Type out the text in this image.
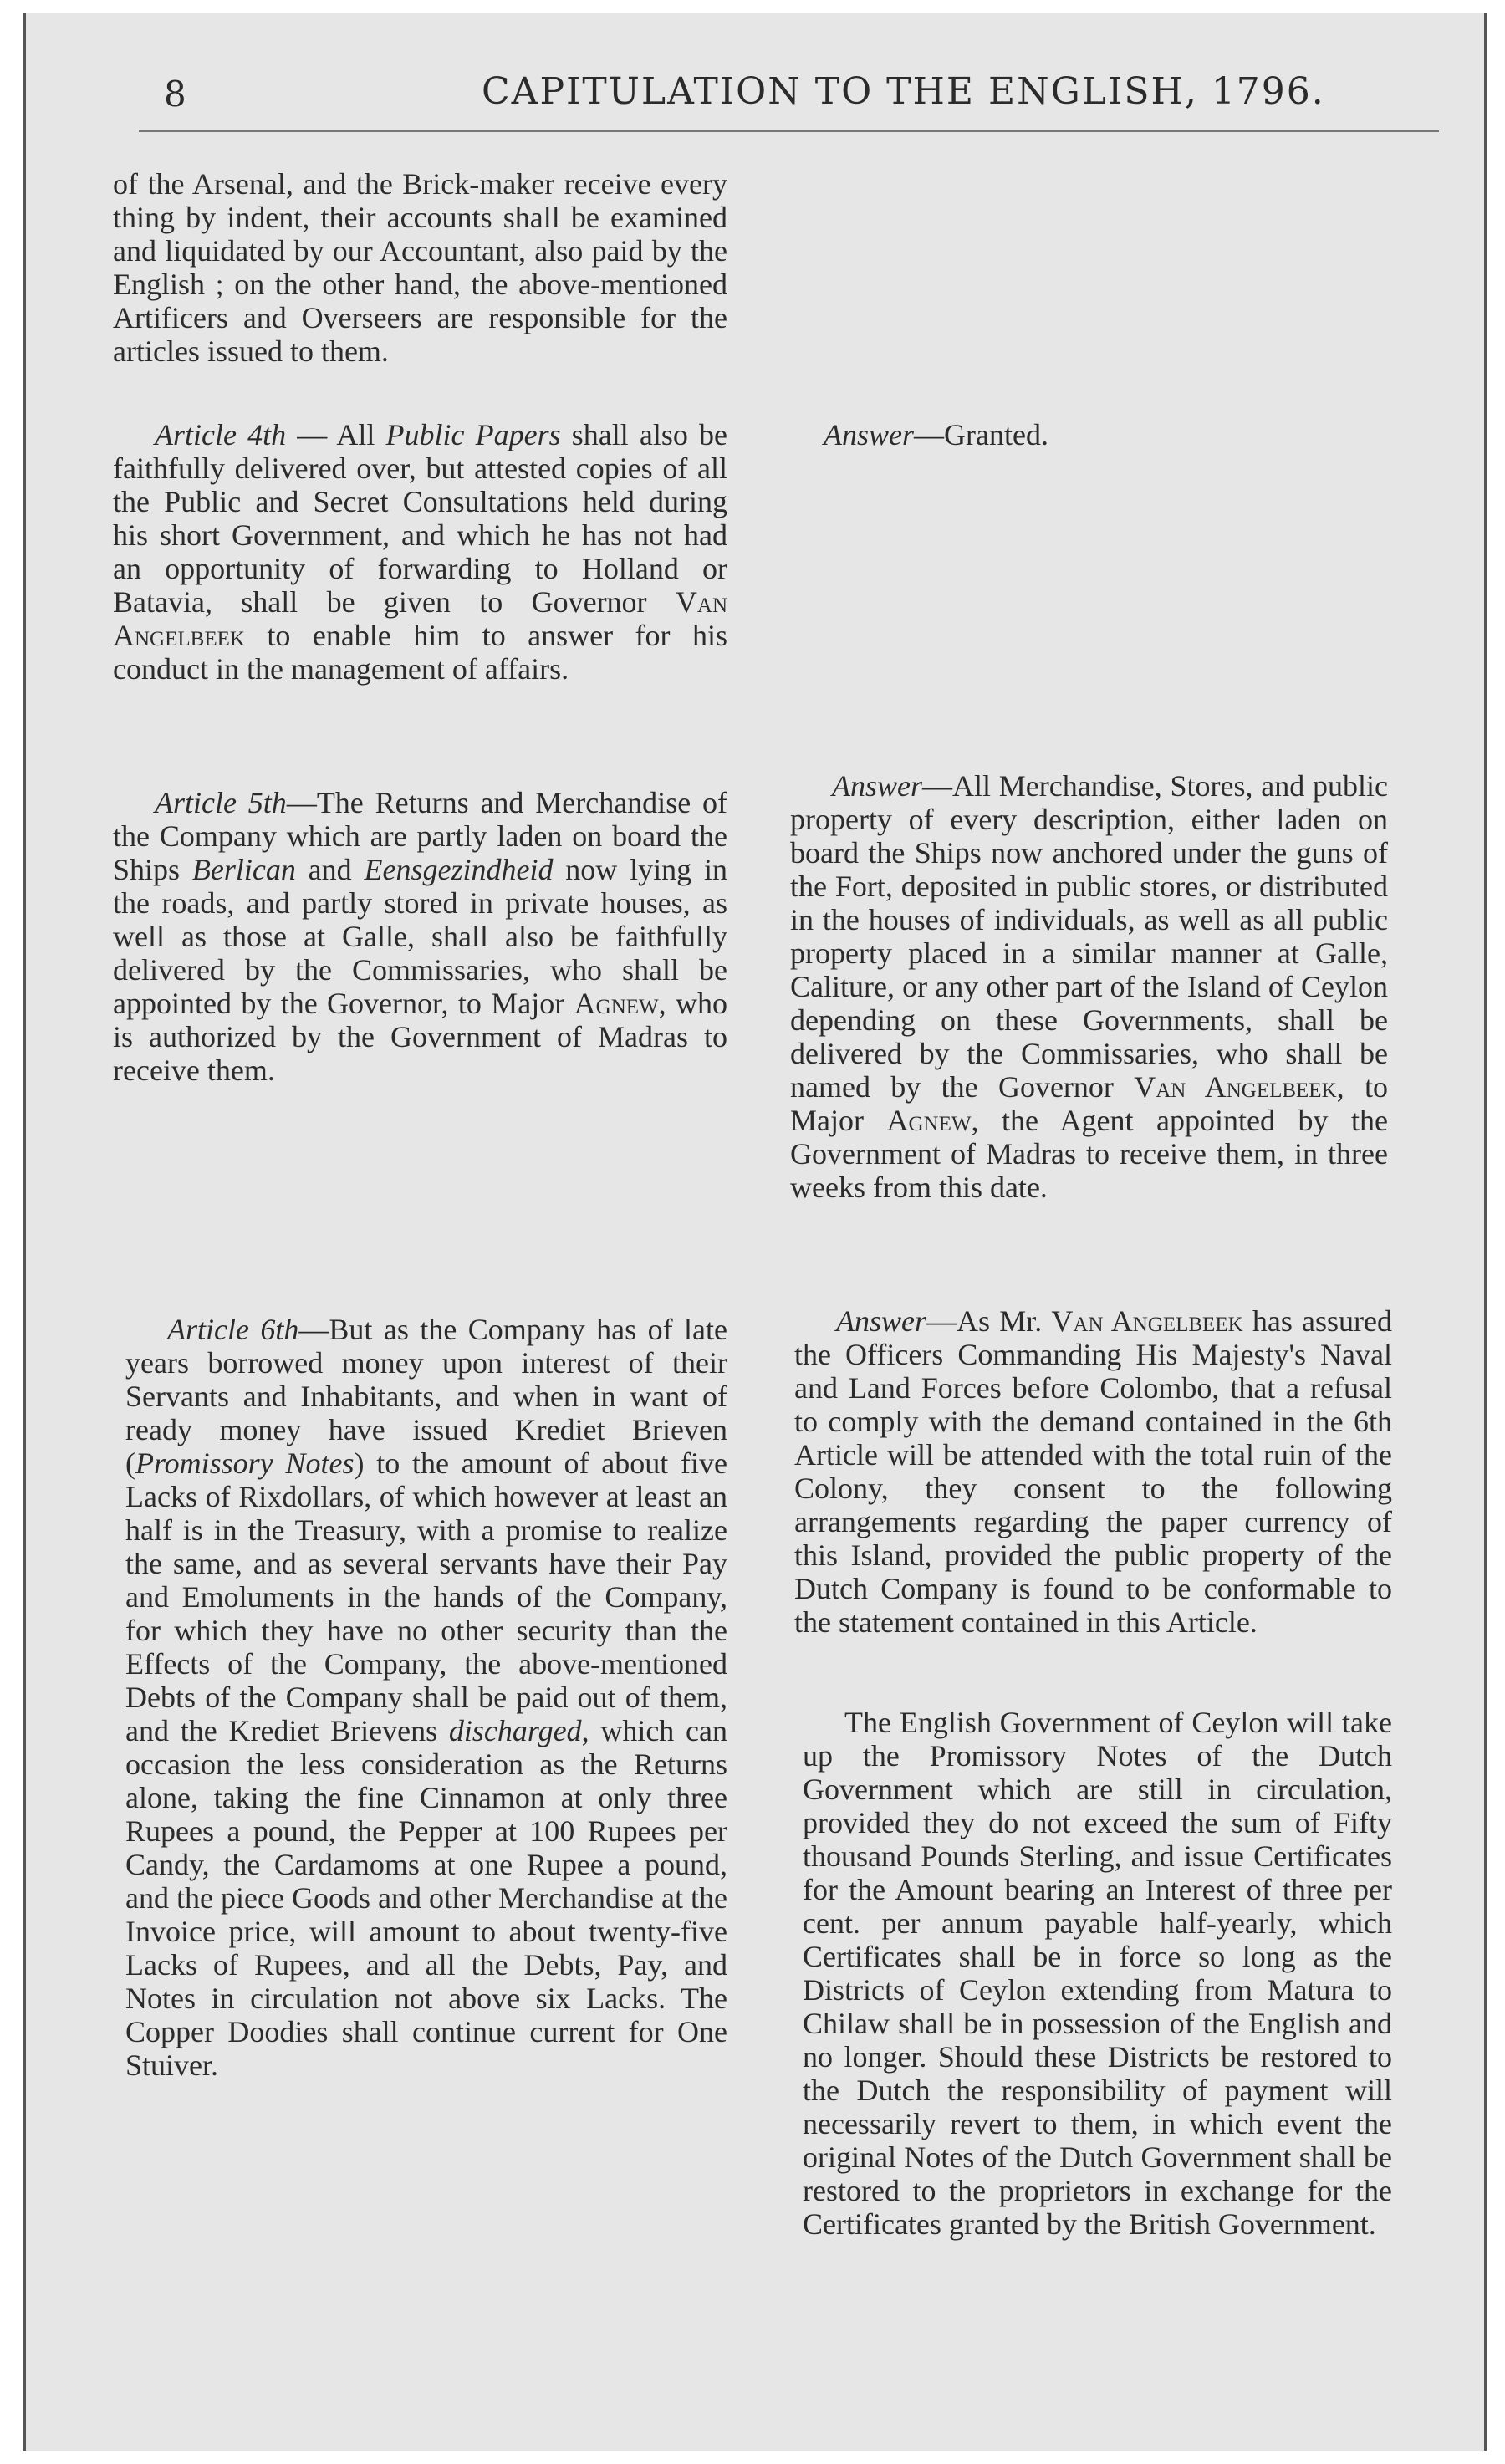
8	CAPITULATION TO THE ENGLISH, 1796.

of the Arsenal, and the Brick-maker receive every thing by indent, their accounts shall be examined and liquidated by our Accountant, also paid by the English ; on the other hand, the above-mentioned Artificers and Overseers are responsible for the articles issued to them.

Article 4th — All Public Papers shall also be faithfully delivered over, but attested copies of all the Public and Secret Consultations held during his short Government, and which he has not had an opportunity of forwarding to Holland or Batavia, shall be given to Governor Van Angelbeek to enable him to answer for his conduct in the management of affairs.

Article 5th—The Returns and Merchandise of the Company which are partly laden on board the Ships Berlican and Eensgezindheid now lying in the roads, and partly stored in private houses, as well as those at Galle, shall also be faithfully delivered by the Commissaries, who shall be appointed by the Governor, to Major Agnew, who is authorized by the Government of Madras to receive them.

Article 6th—But as the Company has of late years borrowed money upon interest of their Servants and Inhabitants, and when in want of ready money have issued Krediet Brieven (Promissory Notes) to the amount of about five Lacks of Rixdollars, of which however at least an half is in the Treasury, with a promise to realize the same, and as several servants have their Pay and Emoluments in the hands of the Company, for which they have no other security than the Effects of the Company, the above-mentioned Debts of the Company shall be paid out of them, and the Krediet Brievens discharged, which can occasion the less consideration as the Returns alone, taking the fine Cinnamon at only three Rupees a pound, the Pepper at 100 Rupees per Candy, the Cardamoms at one Rupee a pound, and the piece Goods and other Merchandise at the Invoice price, will amount to about twenty-five Lacks of Rupees, and all the Debts, Pay, and Notes in circulation not above six Lacks. The Copper Doodies shall continue current for One Stuiver.

Answer—Granted.

Answer—All Merchandise, Stores, and public property of every description, either laden on board the Ships now anchored under the guns of the Fort, deposited in public stores, or distributed in the houses of individuals, as well as all public property placed in a similar manner at Galle, Caliture, or any other part of the Island of Ceylon depending on these Governments, shall be delivered by the Commissaries, who shall be named by the Governor Van Angelbeek, to Major Agnew, the Agent appointed by the Government of Madras to receive them, in three weeks from this date.

Answer—As Mr. Van Angelbeek has assured the Officers Commanding His Majesty's Naval and Land Forces before Colombo, that a refusal to comply with the demand contained in the 6th Article will be attended with the total ruin of the Colony, they consent to the following arrangements regarding the paper currency of this Island, provided the public property of the Dutch Company is found to be conformable to the statement contained in this Article.

The English Government of Ceylon will take up the Promissory Notes of the Dutch Government which are still in circulation, provided they do not exceed the sum of Fifty thousand Pounds Sterling, and issue Certificates for the Amount bearing an Interest of three per cent. per annum payable half-yearly, which Certificates shall be in force so long as the Districts of Ceylon extending from Matura to Chilaw shall be in possession of the English and no longer. Should these Districts be restored to the Dutch the responsibility of payment will necessarily revert to them, in which event the original Notes of the Dutch Government shall be restored to the proprietors in exchange for the Certificates granted by the British Government.
